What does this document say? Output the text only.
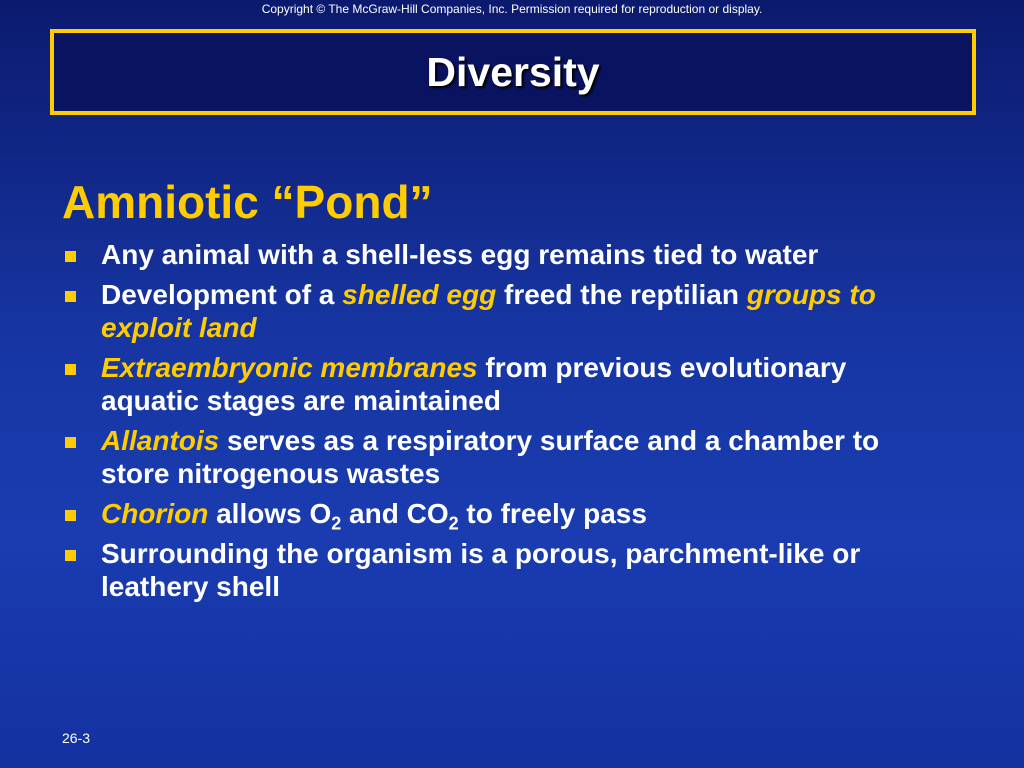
Copyright © The McGraw-Hill Companies, Inc. Permission required for reproduction or display.
Diversity
Amniotic “Pond”
Any animal with a shell-less egg remains tied to water
Development of a shelled egg freed the reptilian groups to exploit land
Extraembryonic membranes from previous evolutionary aquatic stages are maintained
Allantois serves as a respiratory surface and a chamber to store nitrogenous wastes
Chorion allows $O_2$ and $CO_2$ to freely pass
Surrounding the organism is a porous, parchment-like or leathery shell
26-3
